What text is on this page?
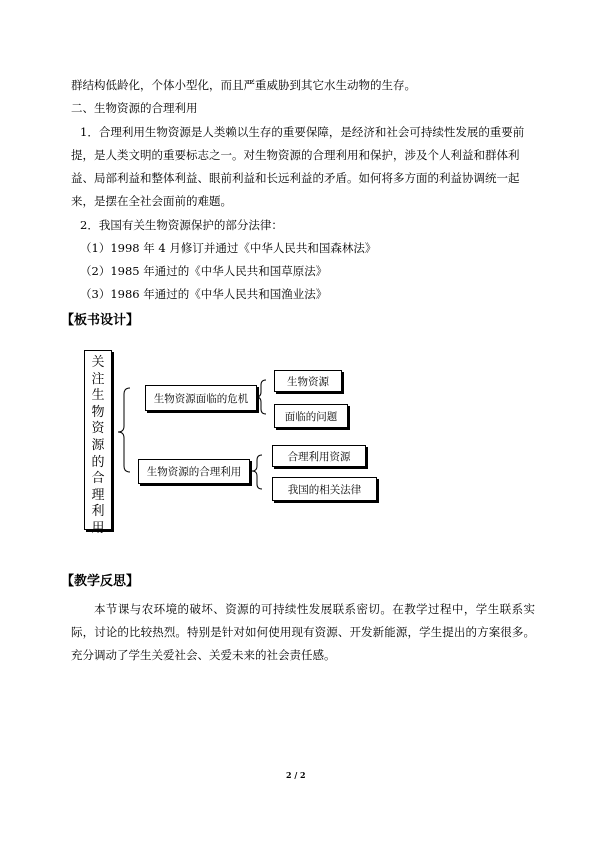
群结构低龄化，个体小型化，而且严重威胁到其它水生动物的生存。
二、生物资源的合理利用
1．合理利用生物资源是人类赖以生存的重要保障，是经济和社会可持续性发展的重要前
提，是人类文明的重要标志之一。对生物资源的合理利用和保护，涉及个人利益和群体利
益、局部利益和整体利益、眼前利益和长远利益的矛盾。如何将多方面的利益协调统一起
来，是摆在全社会面前的难题。
2．我国有关生物资源保护的部分法律：
（1）1998 年 4 月修订并通过《中华人民共和国森林法》
（2）1985 年通过的《中华人民共和国草原法》
（3）1986 年通过的《中华人民共和国渔业法》
【板书设计】
关注生物资源的合理利用
生物资源面临的危机
生物资源
面临的问题
生物资源的合理利用
合理利用资源
我国的相关法律
【教学反思】
本节课与农环境的破坏、资源的可持续性发展联系密切。在教学过程中，学生联系实际，讨论的比较热烈。特别是针对如何使用现有资源、开发新能源，学生提出的方案很多。充分调动了学生关爱社会、关爱未来的社会责任感。
2 / 2
